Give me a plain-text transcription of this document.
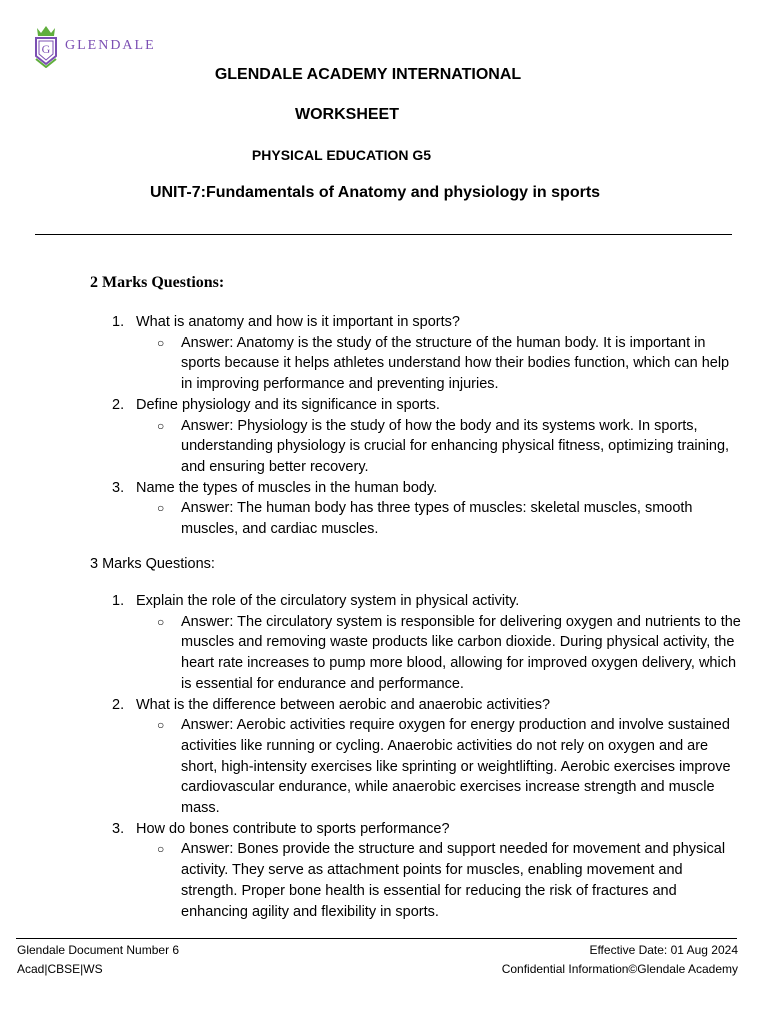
G GLENDALE
GLENDALE ACADEMY INTERNATIONAL
WORKSHEET
PHYSICAL EDUCATION G5
UNIT-7:Fundamentals of Anatomy and physiology in sports
2 Marks Questions:
1. What is anatomy and how is it important in sports?
○ Answer: Anatomy is the study of the structure of the human body. It is important in sports because it helps athletes understand how their bodies function, which can help in improving performance and preventing injuries.
2. Define physiology and its significance in sports.
○ Answer: Physiology is the study of how the body and its systems work. In sports, understanding physiology is crucial for enhancing physical fitness, optimizing training, and ensuring better recovery.
3. Name the types of muscles in the human body.
○ Answer: The human body has three types of muscles: skeletal muscles, smooth muscles, and cardiac muscles.
3 Marks Questions:
1. Explain the role of the circulatory system in physical activity.
○ Answer: The circulatory system is responsible for delivering oxygen and nutrients to the muscles and removing waste products like carbon dioxide. During physical activity, the heart rate increases to pump more blood, allowing for improved oxygen delivery, which is essential for endurance and performance.
2. What is the difference between aerobic and anaerobic activities?
○ Answer: Aerobic activities require oxygen for energy production and involve sustained activities like running or cycling. Anaerobic activities do not rely on oxygen and are short, high-intensity exercises like sprinting or weightlifting. Aerobic exercises improve cardiovascular endurance, while anaerobic exercises increase strength and muscle mass.
3. How do bones contribute to sports performance?
○ Answer: Bones provide the structure and support needed for movement and physical activity. They serve as attachment points for muscles, enabling movement and strength. Proper bone health is essential for reducing the risk of fractures and enhancing agility and flexibility in sports.
Glendale Document Number 6
Acad|CBSE|WS
Effective Date: 01 Aug 2024
Confidential Information©Glendale Academy
